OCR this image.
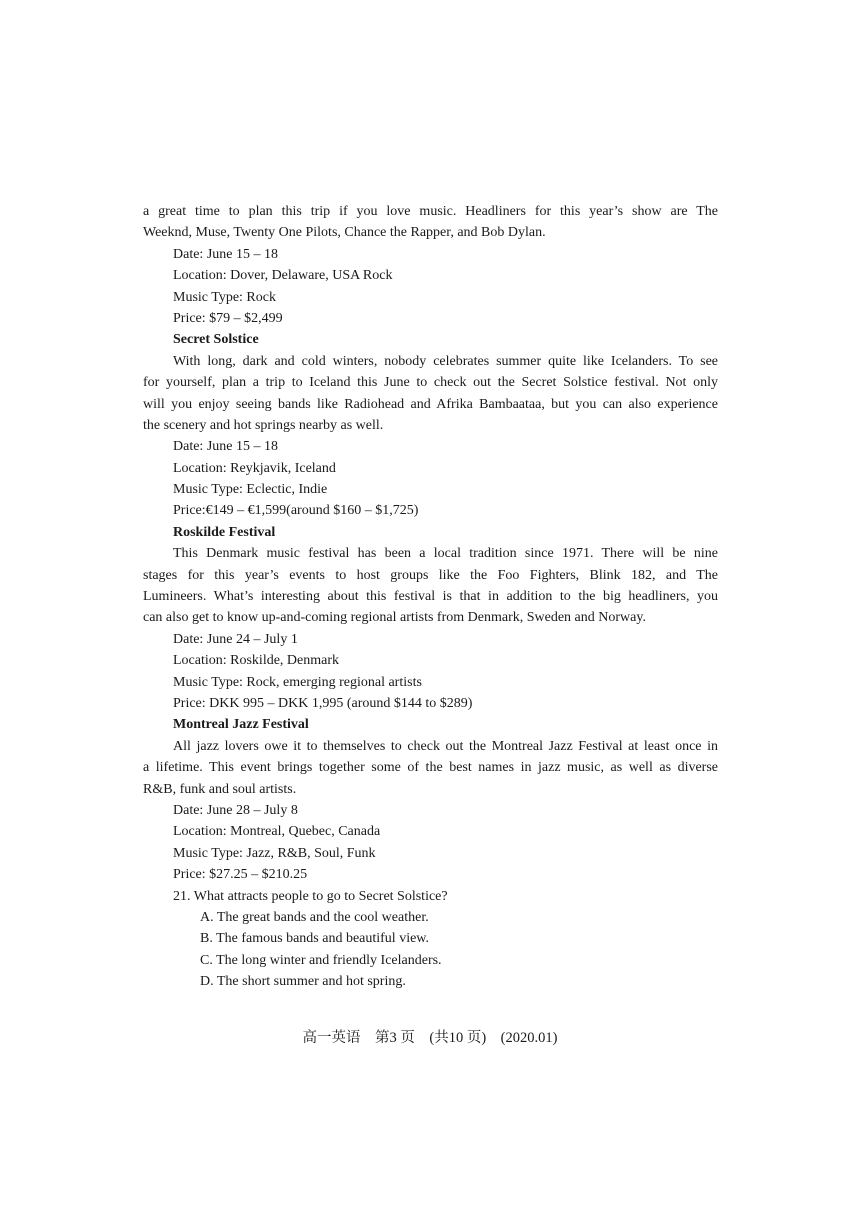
a great time to plan this trip if you love music. Headliners for this year’s show are The
Weeknd, Muse, Twenty One Pilots, Chance the Rapper, and Bob Dylan.
Date: June 15 – 18
Location: Dover, Delaware, USA Rock
Music Type: Rock
Price: $79 – $2,499
Secret Solstice
With long, dark and cold winters, nobody celebrates summer quite like Icelanders. To see
for yourself, plan a trip to Iceland this June to check out the Secret Solstice festival. Not only
will you enjoy seeing bands like Radiohead and Afrika Bambaataa, but you can also experience
the scenery and hot springs nearby as well.
Date: June 15 – 18
Location: Reykjavik, Iceland
Music Type: Eclectic, Indie
Price:€149 – €1,599(around $160 – $1,725)
Roskilde Festival
This Denmark music festival has been a local tradition since 1971. There will be nine
stages for this year’s events to host groups like the Foo Fighters, Blink 182, and The
Lumineers. What’s interesting about this festival is that in addition to the big headliners, you
can also get to know up-and-coming regional artists from Denmark, Sweden and Norway.
Date: June 24 – July 1
Location: Roskilde, Denmark
Music Type: Rock, emerging regional artists
Price: DKK 995 – DKK 1,995 (around $144 to $289)
Montreal Jazz Festival
All jazz lovers owe it to themselves to check out the Montreal Jazz Festival at least once in
a lifetime. This event brings together some of the best names in jazz music, as well as diverse
R&B, funk and soul artists.
Date: June 28 – July 8
Location: Montreal, Quebec, Canada
Music Type: Jazz, R&B, Soul, Funk
Price: $27.25 – $210.25
21. What attracts people to go to Secret Solstice?
A. The great bands and the cool weather.
B. The famous bands and beautiful view.
C. The long winter and friendly Icelanders.
D. The short summer and hot spring.
高一英语　第3 页　(共10 页)　(2020.01)
